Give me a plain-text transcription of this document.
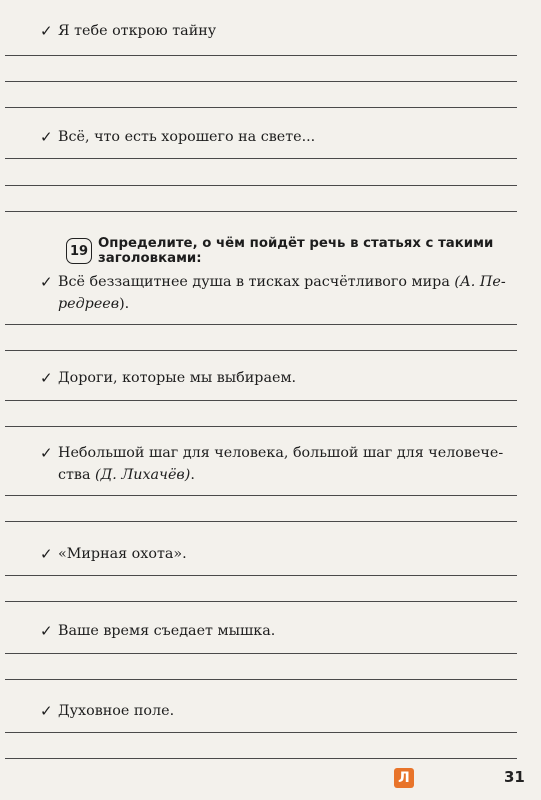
✓ Я тебе открою тайну
✓ Всё, что есть хорошего на свете...
19 Определите, о чём пойдёт речь в статьях с такими заголовками:
✓ Всё беззащитнее душа в тисках расчётливого мира (А. Пе-
редреев).
✓ Дороги, которые мы выбираем.
✓ Небольшой шаг для человека, большой шаг для человече-
ства (Д. Лихачёв).
✓ «Мирная охота».
✓ Ваше время съедает мышка.
✓ Духовное поле.
Л	31
